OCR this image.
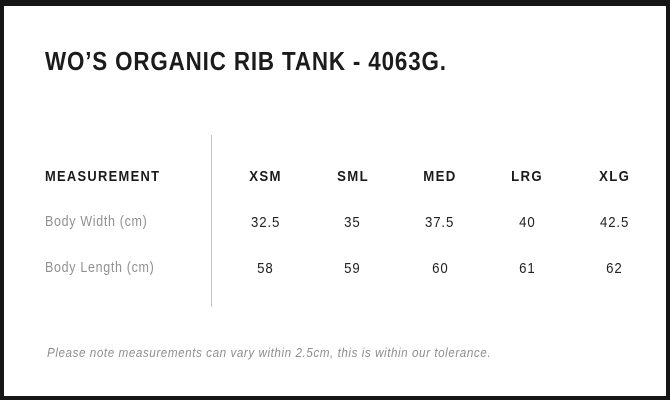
WO’S ORGANIC RIB TANK - 4063G.
MEASUREMENT	XSM	SML	MED	LRG	XLG
Body Width (cm)	32.5	35	37.5	40	42.5
Body Length (cm)	58	59	60	61	62
Please note measurements can vary within 2.5cm, this is within our tolerance.
